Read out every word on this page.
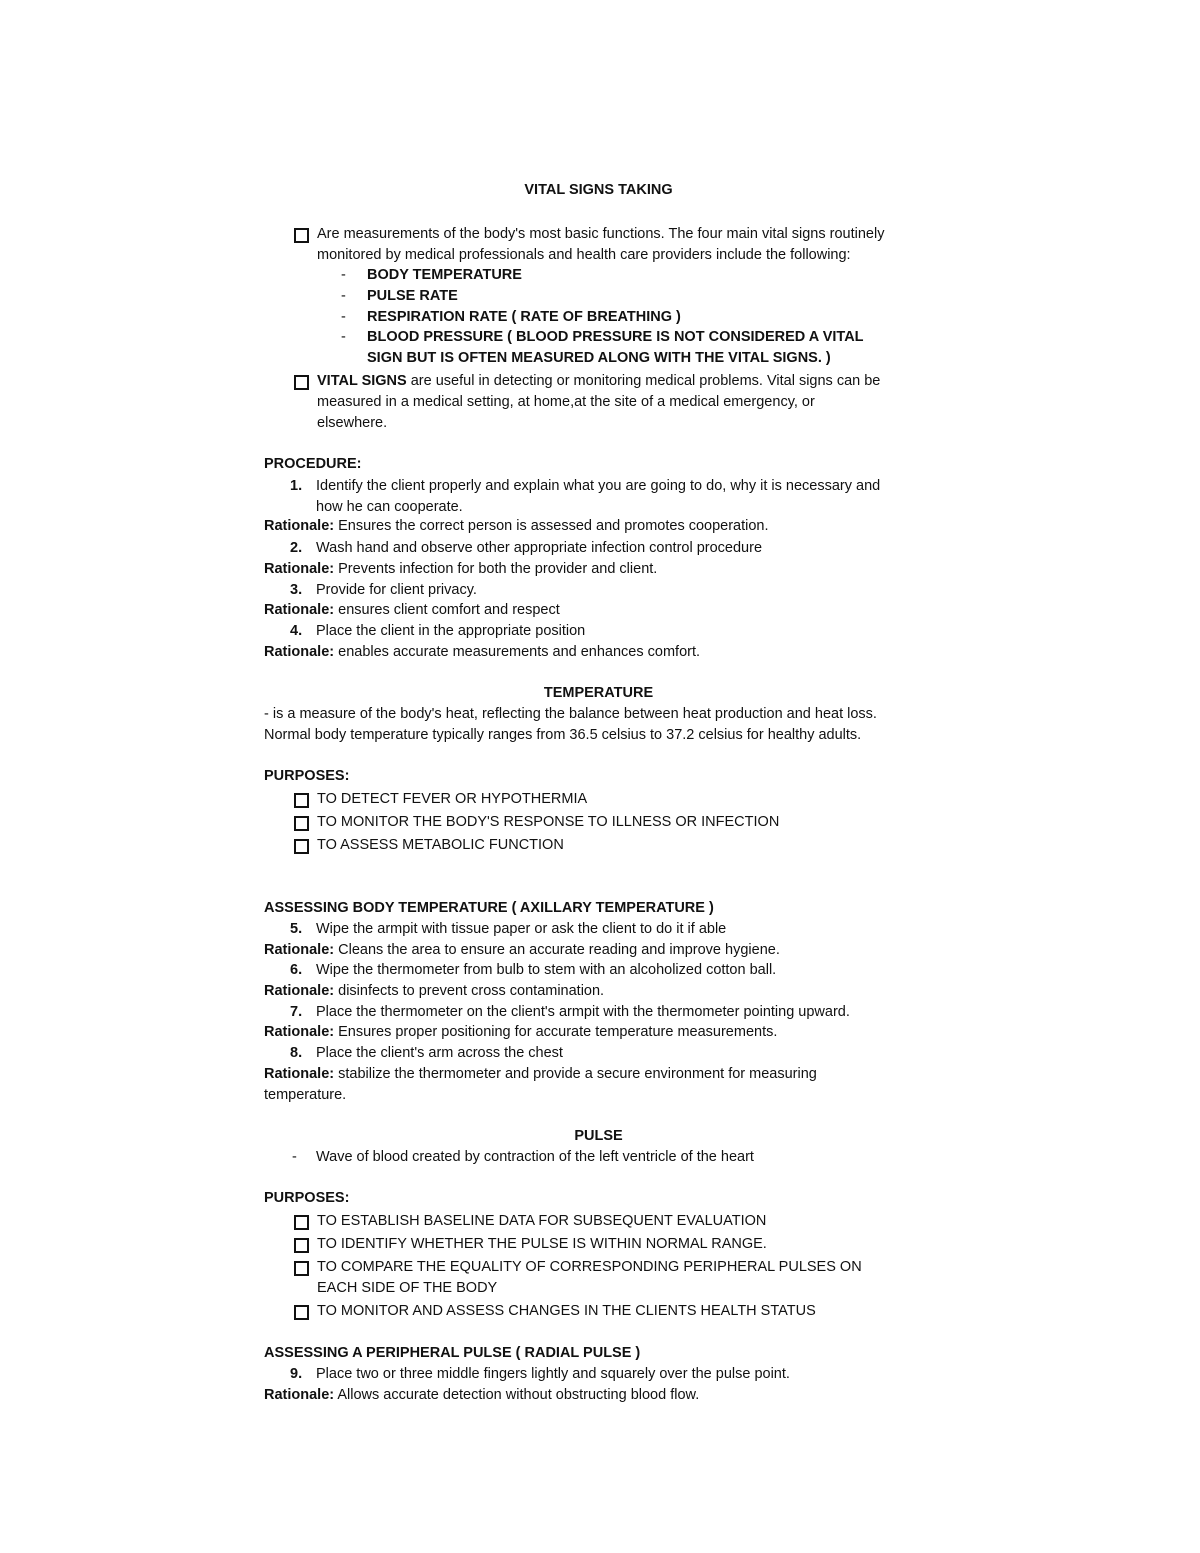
VITAL SIGNS TAKING
Are measurements of the body's most basic functions. The four main vital signs routinely
monitored by medical professionals and health care providers include the following:
- BODY TEMPERATURE
- PULSE RATE
- RESPIRATION RATE ( RATE OF BREATHING )
- BLOOD PRESSURE ( BLOOD PRESSURE IS NOT CONSIDERED A VITAL
SIGN BUT IS OFTEN MEASURED ALONG WITH THE VITAL SIGNS. )
VITAL SIGNS are useful in detecting or monitoring medical problems. Vital signs can be
measured in a medical setting, at home,at the site of a medical emergency, or
elsewhere.
PROCEDURE:
1. Identify the client properly and explain what you are going to do, why it is necessary and
how he can cooperate.
Rationale: Ensures the correct person is assessed and promotes cooperation.
2. Wash hand and observe other appropriate infection control procedure
Rationale: Prevents infection for both the provider and client.
3. Provide for client privacy.
Rationale: ensures client comfort and respect
4. Place the client in the appropriate position
Rationale: enables accurate measurements and enhances comfort.
TEMPERATURE
- is a measure of the body's heat, reflecting the balance between heat production and heat loss.
Normal body temperature typically ranges from 36.5 celsius to 37.2 celsius for healthy adults.
PURPOSES:
TO DETECT FEVER OR HYPOTHERMIA
TO MONITOR THE BODY'S RESPONSE TO ILLNESS OR INFECTION
TO ASSESS METABOLIC FUNCTION
ASSESSING BODY TEMPERATURE ( AXILLARY TEMPERATURE )
5. Wipe the armpit with tissue paper or ask the client to do it if able
Rationale: Cleans the area to ensure an accurate reading and improve hygiene.
6. Wipe the thermometer from bulb to stem with an alcoholized cotton ball.
Rationale: disinfects to prevent cross contamination.
7. Place the thermometer on the client's armpit with the thermometer pointing upward.
Rationale: Ensures proper positioning for accurate temperature measurements.
8. Place the client's arm across the chest
Rationale: stabilize the thermometer and provide a secure environment for measuring
temperature.
PULSE
- Wave of blood created by contraction of the left ventricle of the heart
PURPOSES:
TO ESTABLISH BASELINE DATA FOR SUBSEQUENT EVALUATION
TO IDENTIFY WHETHER THE PULSE IS WITHIN NORMAL RANGE.
TO COMPARE THE EQUALITY OF CORRESPONDING PERIPHERAL PULSES ON
EACH SIDE OF THE BODY
TO MONITOR AND ASSESS CHANGES IN THE CLIENTS HEALTH STATUS
ASSESSING A PERIPHERAL PULSE ( RADIAL PULSE )
9. Place two or three middle fingers lightly and squarely over the pulse point.
Rationale: Allows accurate detection without obstructing blood flow.
